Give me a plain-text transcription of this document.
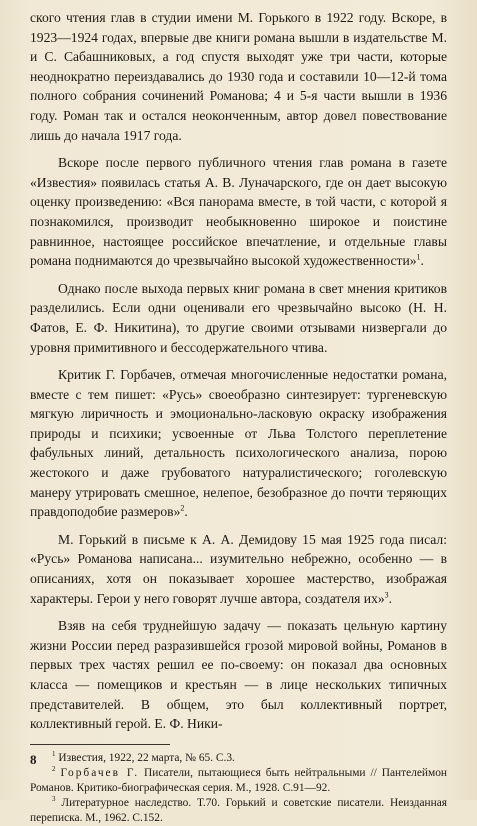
ского чтения глав в студии имени М. Горького в 1922 году. Вскоре, в 1923—1924 годах, впервые две книги романа вышли в издательстве М. и С. Сабашниковых, а год спустя выходят уже три части, которые неоднократно переиздавались до 1930 года и составили 10—12-й тома полного собрания сочинений Романова; 4 и 5-я части вышли в 1936 году. Роман так и остался неоконченным, автор довел повествование лишь до начала 1917 года.

Вскоре после первого публичного чтения глав романа в газете «Известия» появилась статья А. В. Луначарского, где он дает высокую оценку произведению: «Вся панорама вместе, в той части, с которой я познакомился, производит необыкновенно широкое и поистине равнинное, настоящее российское впечатление, и отдельные главы романа поднимаются до чрезвычайно высокой художественности»$^1$.

Однако после выхода первых книг романа в свет мнения критиков разделились. Если одни оценивали его чрезвычайно высоко (Н. Н. Фатов, Е. Ф. Никитина), то другие своими отзывами низвергали до уровня примитивного и бессодержательного чтива.

Критик Г. Горбачев, отмечая многочисленные недостатки романа, вместе с тем пишет: «Русь» своеобразно синтезирует: тургеневскую мягкую лиричность и эмоционально-ласковую окраску изображения природы и психики; усвоенные от Льва Толстого переплетение фабульных линий, детальность психологического анализа, порою жестокого и даже грубоватого натуралистического; гоголевскую манеру утрировать смешное, нелепое, безобразное до почти теряющих правдоподобие размеров»$^2$.

М. Горький в письме к А. А. Демидову 15 мая 1925 года писал: «Русь» Романова написана... изумительно небрежно, особенно — в описаниях, хотя он показывает хорошее мастерство, изображая характеры. Герои у него говорят лучше автора, создателя их»$^3$.

Взяв на себя труднейшую задачу — показать цельную картину жизни России перед разразившейся грозой мировой войны, Романов в первых трех частях решил ее по-своему: он показал два основных класса — помещиков и крестьян — в лице нескольких типичных представителей. В общем, это был коллективный портрет, коллективный герой. Е. Ф. Ники-

$^1$ Известия, 1922, 22 марта, № 65. С.3.

$^2$ Горбачев Г. Писатели, пытающиеся быть нейтральными // Пантелеймон Романов. Критико-биографическая серия. М., 1928. С.91—92.

$^3$ Литературное наследство. Т.70. Горький и советские писатели. Неизданная переписка. М., 1962. С.152.

8
